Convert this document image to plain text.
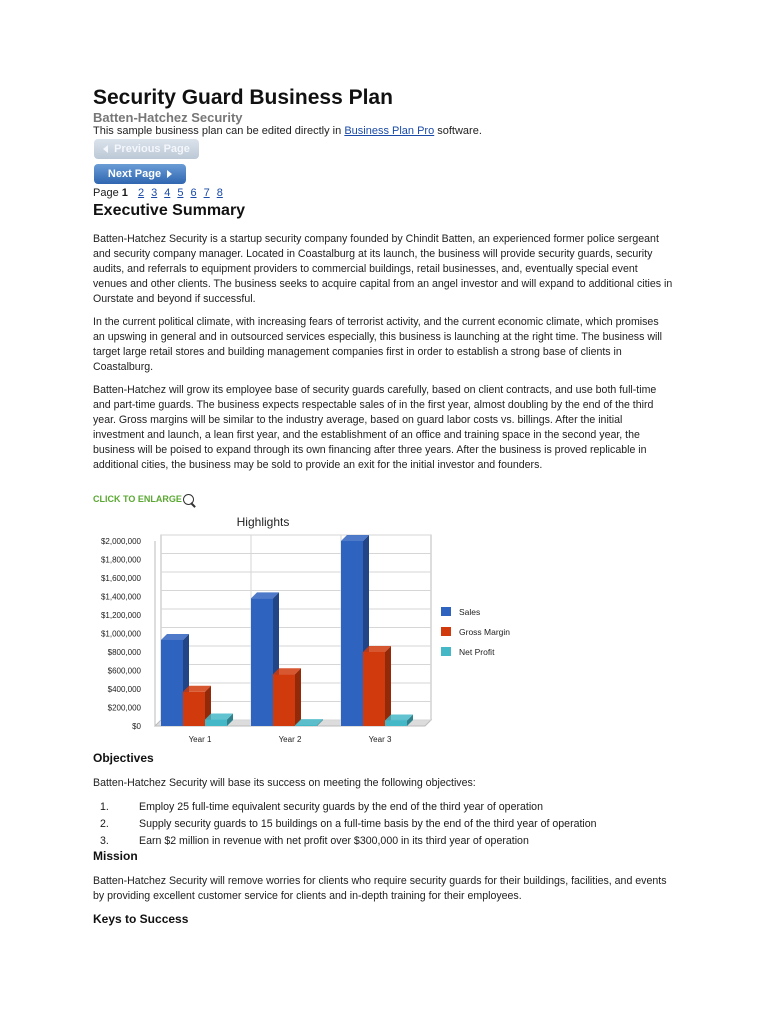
Security Guard Business Plan
Batten-Hatchez Security
This sample business plan can be edited directly in Business Plan Pro software.
Previous Page
Next Page
Page 1 2 3 4 5 6 7 8
Executive Summary

Batten-Hatchez Security is a startup security company founded by Chindit Batten, an experienced former police sergeant and security company manager. Located in Coastalburg at its launch, the business will provide security guards, security audits, and referrals to equipment providers to commercial buildings, retail businesses, and, eventually special event venues and other clients. The business seeks to acquire capital from an angel investor and will expand to additional cities in Ourstate and beyond if successful.

In the current political climate, with increasing fears of terrorist activity, and the current economic climate, which promises an upswing in general and in outsourced services especially, this business is launching at the right time. The business will target large retail stores and building management companies first in order to establish a strong base of clients in Coastalburg.

Batten-Hatchez will grow its employee base of security guards carefully, based on client contracts, and use both full-time and part-time guards. The business expects respectable sales of in the first year, almost doubling by the end of the third year. Gross margins will be similar to the industry average, based on guard labor costs vs. billings. After the initial investment and launch, a lean first year, and the establishment of an office and training space in the second year, the business will be poised to expand through its own financing after three years. After the business is proved replicable in additional cities, the business may be sold to provide an exit for the initial investor and founders.

CLICK TO ENLARGE
Highlights
$0
$200,000
$400,000
$600,000
$800,000
$1,000,000
$1,200,000
$1,400,000
$1,600,000
$1,800,000
$2,000,000
Year 1	Year 2	Year 3
Sales
Gross Margin
Net Profit
Objectives

Batten-Hatchez Security will base its success on meeting the following objectives:

1.	Employ 25 full-time equivalent security guards by the end of the third year of operation
2.	Supply security guards to 15 buildings on a full-time basis by the end of the third year of operation
3.	Earn $2 million in revenue with net profit over $300,000 in its third year of operation
Mission

Batten-Hatchez Security will remove worries for clients who require security guards for their buildings, facilities, and events by providing excellent customer service for clients and in-depth training for their employees.

Keys to Success
